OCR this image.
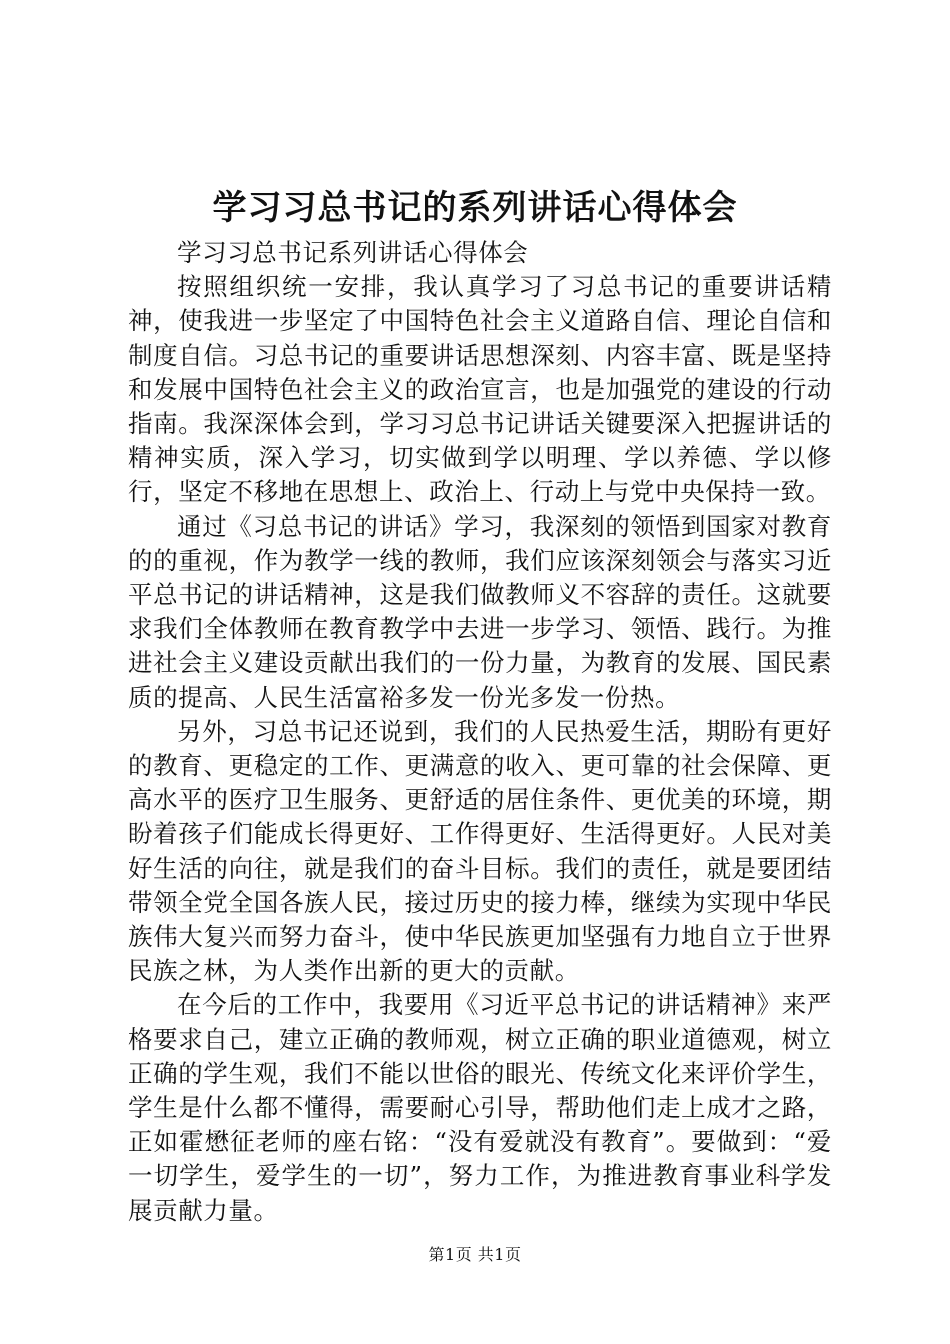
学习习总书记的系列讲话心得体会

学习习总书记系列讲话心得体会

按照组织统一安排，我认真学习了习总书记的重要讲话精神，使我进一步坚定了中国特色社会主义道路自信、理论自信和制度自信。习总书记的重要讲话思想深刻、内容丰富、既是坚持和发展中国特色社会主义的政治宣言，也是加强党的建设的行动指南。我深深体会到，学习习总书记讲话关键要深入把握讲话的精神实质，深入学习，切实做到学以明理、学以养德、学以修行，坚定不移地在思想上、政治上、行动上与党中央保持一致。

通过《习总书记的讲话》学习，我深刻的领悟到国家对教育的的重视，作为教学一线的教师，我们应该深刻领会与落实习近平总书记的讲话精神，这是我们做教师义不容辞的责任。这就要求我们全体教师在教育教学中去进一步学习、领悟、践行。为推进社会主义建设贡献出我们的一份力量，为教育的发展、国民素质的提高、人民生活富裕多发一份光多发一份热。

另外，习总书记还说到，我们的人民热爱生活，期盼有更好的教育、更稳定的工作、更满意的收入、更可靠的社会保障、更高水平的医疗卫生服务、更舒适的居住条件、更优美的环境，期盼着孩子们能成长得更好、工作得更好、生活得更好。人民对美好生活的向往，就是我们的奋斗目标。我们的责任，就是要团结带领全党全国各族人民，接过历史的接力棒，继续为实现中华民族伟大复兴而努力奋斗，使中华民族更加坚强有力地自立于世界民族之林，为人类作出新的更大的贡献。

在今后的工作中，我要用《习近平总书记的讲话精神》来严格要求自己，建立正确的教师观，树立正确的职业道德观，树立正确的学生观，我们不能以世俗的眼光、传统文化来评价学生，学生是什么都不懂得，需要耐心引导，帮助他们走上成才之路，正如霍懋征老师的座右铭：“没有爱就没有教育”。要做到：“爱一切学生，爱学生的一切”，努力工作，为推进教育事业科学发展贡献力量。

第1页 共1页
